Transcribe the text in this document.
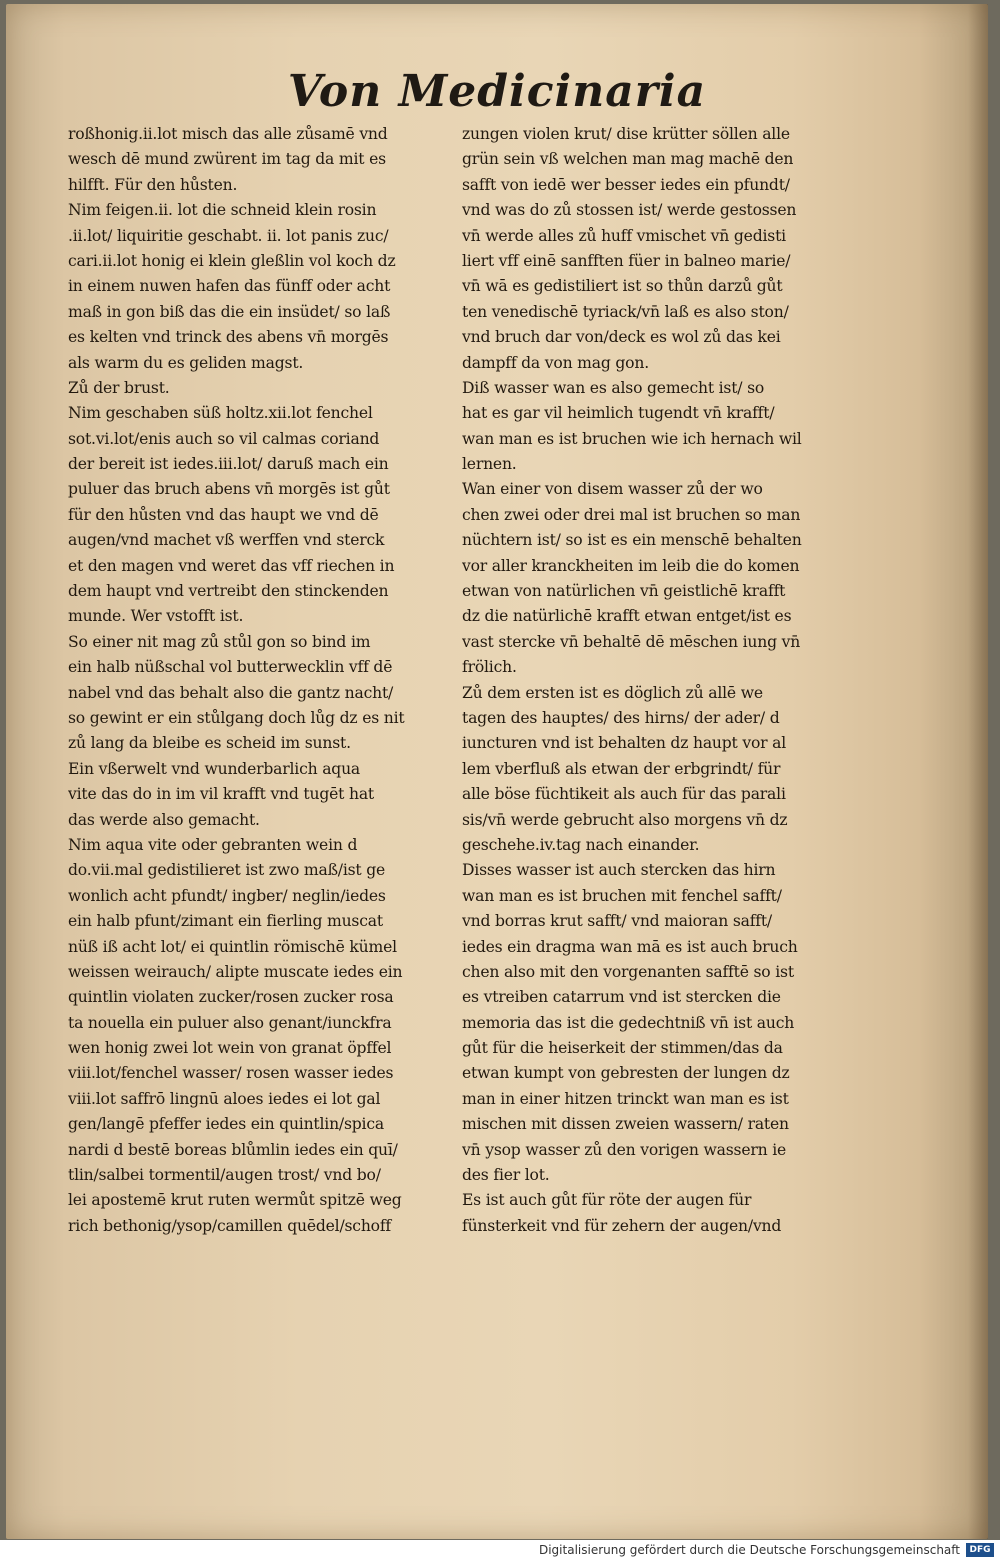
Von Medicinaria
roßhonig.ii.lot misch das alle zůsamē vnd
wesch dē mund zwürent im tag da mit es
hilfft. Für den hůsten.
Nim feigen.ii. lot die schneid klein rosin
.ii.lot/ liquiritie geschabt. ii. lot panis zuc/
cari.ii.lot honig ei klein gleßlin vol koch dz
in einem nuwen hafen das fünff oder acht
maß in gon biß das die ein insüdet/ so laß
es kelten vnd trinck des abens vn̄ morgēs
als warm du es geliden magst.
Zů der brust.
Nim geschaben süß holtz.xii.lot fenchel
sot.vi.lot/enis auch so vil calmas coriand
der bereit ist iedes.iii.lot/ daruß mach ein
puluer das bruch abens vn̄ morgēs ist gůt
für den hůsten vnd das haupt we vnd dē
augen/vnd machet vß werffen vnd sterck
et den magen vnd weret das vff riechen in
dem haupt vnd vertreibt den stinckenden
munde. Wer vstofft ist.
So einer nit mag zů stůl gon so bind im
ein halb nüßschal vol butterwecklin vff dē
nabel vnd das behalt also die gantz nacht/
so gewint er ein stůlgang doch lůg dz es nit
zů lang da bleibe es scheid im sunst.
Ein vßerwelt vnd wunderbarlich aqua
vite das do in im vil krafft vnd tugēt hat
das werde also gemacht.
Nim aqua vite oder gebranten wein d
do.vii.mal gedistilieret ist zwo maß/ist ge
wonlich acht pfundt/ ingber/ neglin/iedes
ein halb pfunt/zimant ein fierling muscat
nüß iß acht lot/ ei quintlin römischē kümel
weissen weirauch/ alipte muscate iedes ein
quintlin violaten zucker/rosen zucker rosa
ta nouella ein puluer also genant/iunckfra
wen honig zwei lot wein von granat öpffel
viii.lot/fenchel wasser/ rosen wasser iedes
viii.lot saffrō lingnū aloes iedes ei lot gal
gen/langē pfeffer iedes ein quintlin/spica
nardi d bestē boreas blůmlin iedes ein quī/
tlin/salbei tormentil/augen trost/ vnd bo/
lei apostemē krut ruten wermůt spitzē weg
rich bethonig/ysop/camillen quēdel/schoff
zungen violen krut/ dise krütter söllen alle
grün sein vß welchen man mag machē den
safft von iedē wer besser iedes ein pfundt/
vnd was do zů stossen ist/ werde gestossen
vn̄ werde alles zů huff vmischet vn̄ gedisti
liert vff einē sanfften füer in balneo marie/
vn̄ wā es gedistiliert ist so thůn darzů gůt
ten venedischē tyriack/vn̄ laß es also ston/
vnd bruch dar von/deck es wol zů das kei
dampff da von mag gon.
Diß wasser wan es also gemecht ist/ so
hat es gar vil heimlich tugendt vn̄ krafft/
wan man es ist bruchen wie ich hernach wil
lernen.
Wan einer von disem wasser zů der wo
chen zwei oder drei mal ist bruchen so man
nüchtern ist/ so ist es ein menschē behalten
vor aller kranckheiten im leib die do komen
etwan von natürlichen vn̄ geistlichē krafft
dz die natürlichē krafft etwan entget/ist es
vast stercke vn̄ behaltē dē mēschen iung vn̄
frölich.
Zů dem ersten ist es döglich zů allē we
tagen des hauptes/ des hirns/ der ader/ d
iuncturen vnd ist behalten dz haupt vor al
lem vberfluß als etwan der erbgrindt/ für
alle böse füchtikeit als auch für das parali
sis/vn̄ werde gebrucht also morgens vn̄ dz
geschehe.iv.tag nach einander.
Disses wasser ist auch stercken das hirn
wan man es ist bruchen mit fenchel safft/
vnd borras krut safft/ vnd maioran safft/
iedes ein dragma wan mā es ist auch bruch
chen also mit den vorgenanten safftē so ist
es vtreiben catarrum vnd ist stercken die
memoria das ist die gedechtniß vn̄ ist auch
gůt für die heiserkeit der stimmen/das da
etwan kumpt von gebresten der lungen dz
man in einer hitzen trinckt wan man es ist
mischen mit dissen zweien wassern/ raten
vn̄ ysop wasser zů den vorigen wassern ie
des fier lot.
Es ist auch gůt für röte der augen für
fünsterkeit vnd für zehern der augen/vnd
Digitalisierung gefördert durch die Deutsche Forschungsgemeinschaft	DFG
